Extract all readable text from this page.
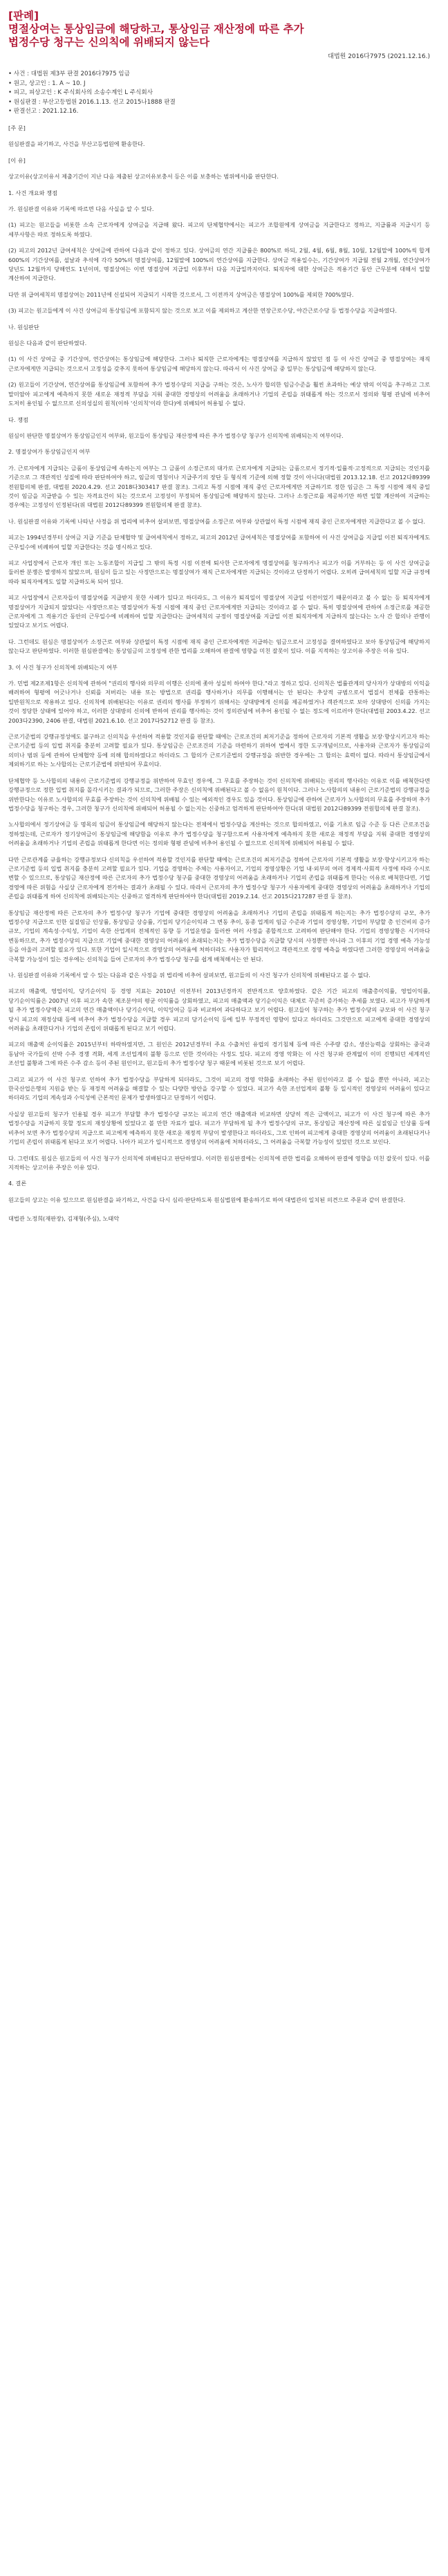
[판례]
명절상여는 통상임금에 해당하고, 통상임금 재산정에 따른 추가
법정수당 청구는 신의칙에 위배되지 않는다
대법원 2016다7975 (2021.12.16.)
• 사건 : 대법원 제3부 판결 2016다7975 임금
• 원고, 상고인 : 1. A ~ 10. J
• 피고, 피상고인 : K 주식회사의 소송수계인 L 주식회사
• 원심판결 : 부산고등법원 2016.1.13. 선고 2015나1888 판결
• 판결선고 : 2021.12.16.

[주 문]

원심판결을 파기하고, 사건을 부산고등법원에 환송한다.

[이 유]

상고이유(상고이유서 제출기간이 지난 다음 제출된 상고이유보충서 등은 이를 보충하는 범위에서)를 판단한다.

1. 사건 개요와 쟁점

가. 원심판결 이유와 기록에 따르면 다음 사실을 알 수 있다.

(1) 피고는 원고들을 비롯한 소속 근로자에게 상여금을 지급해 왔다. 피고의 단체협약에서는 피고가 조합원에게 상여금을 지급한다고 정하고, 지급률과 지급시기 등 세부사항은 따로 정하도록 하였다.

(2) 피고의 2012년 급여세칙은 상여금에 관하여 다음과 같이 정하고 있다. 상여금의 연간 지급률은 800%로 하되, 2월, 4월, 6월, 8월, 10월, 12월말에 100%씩 합계 600%의 기간상여를, 설날과 추석에 각각 50%의 명절상여를, 12월말에 100%의 연간상여를 지급한다. 상여금 적용일수는, 기간상여가 지급월 전월 2개월, 연간상여가 당년도 12월까지 당해연도 1년이며, 명절상여는 이번 명절상여 지급일 이후부터 다음 지급일까지이다. 퇴직자에 대한 상여금은 적용기간 동안 근무분에 대해서 일할 계산하여 지급한다.

다만 위 급여세칙의 명절상여는 2011년에 신설되어 지급되기 시작한 것으로서, 그 이전까지 상여금은 명절상여 100%를 제외한 700%였다.

(3) 피고는 원고들에게 이 사건 상여금의 통상임금에 포함되지 않는 것으로 보고 이를 제외하고 계산한 연장근로수당, 야간근로수당 등 법정수당을 지급하였다.

나. 원심판단

원심은 다음과 같이 판단하였다.

(1) 이 사건 상여금 중 기간상여, 연간상여는 통상임금에 해당한다. 그러나 퇴직한 근로자에게는 명절상여를 지급하지 않았던 점 등 이 사건 상여금 중 명절상여는 재직 근로자에게만 지급되는 것으로서 고정성을 갖추지 못하여 통상임금에 해당하지 않는다. 따라서 이 사건 상여금 중 일부는 통상임금에 해당하지 않는다.

(2) 원고들이 기간상여, 연간상여를 통상임금에 포함하여 추가 법정수당의 지급을 구하는 것은, 노사가 합의한 임금수준을 훨씬 초과하는 예상 밖의 이익을 추구하고 그로 말미암아 피고에게 예측하지 못한 새로운 재정적 부담을 지워 중대한 경영상의 어려움을 초래하거나 기업의 존립을 위태롭게 하는 것으로서 정의와 형평 관념에 비추어 도저히 용인될 수 없으므로 신의성실의 원칙(이하 '신의칙'이라 한다)에 위배되어 허용될 수 없다.

다. 쟁점

원심이 판단한 명절상여가 통상임금인지 여부와, 원고들이 통상임금 재산정에 따른 추가 법정수당 청구가 신의칙에 위배되는지 여부이다.

2. 명절상여가 통상임금인지 여부

가. 근로자에게 지급되는 금품이 통상임금에 속하는지 여부는 그 금품이 소정근로의 대가로 근로자에게 지급되는 금품으로서 정기적·일률적·고정적으로 지급되는 것인지를 기준으로 그 객관적인 성질에 따라 판단하여야 하고, 임금의 명칭이나 지급주기의 장단 등 형식적 기준에 의해 정할 것이 아니다(대법원 2013.12.18. 선고 2012다89399 전원합의체 판결, 대법원 2020.4.29. 선고 2018다303417 판결 참조). 그리고 특정 시점에 재직 중인 근로자에게만 지급하기로 정한 임금은 그 특정 시점에 재직 중일 것이 임금을 지급받을 수 있는 자격요건이 되는 것으로서 고정성이 부정되어 통상임금에 해당하지 않는다. 그러나 소정근로를 제공하기만 하면 일할 계산하여 지급하는 경우에는 고정성이 인정된다(위 대법원 2012다89399 전원합의체 판결 참조).

나. 원심판결 이유와 기록에 나타난 사정을 위 법리에 비추어 살펴보면, 명절상여를 소정근로 여부와 상관없이 특정 시점에 재직 중인 근로자에게만 지급한다고 볼 수 없다.

피고는 1994년경부터 상여금 지급 기준을 단체협약 및 급여세칙에서 정하고, 피고의 2012년 급여세칙은 명절상여를 포함하여 이 사건 상여금을 지급일 이전 퇴직자에게도 근무일수에 비례하여 일할 지급한다는 것을 명시하고 있다.

피고 사업장에서 근로자 개인 또는 노동조합이 지급일 그 밖의 특정 시점 이전에 퇴사한 근로자에게 명절상여를 청구하거나 피고가 이를 거부하는 등 이 사건 상여금을 둘러싼 분쟁은 발생하지 않았으며, 원심이 들고 있는 사정만으로는 명절상여가 재직 근로자에게만 지급되는 것이라고 단정하기 어렵다. 오히려 급여세칙의 일할 지급 규정에 따라 퇴직자에게도 일할 지급하도록 되어 있다.

피고 사업장에서 근로자들이 명절상여를 지급받지 못한 사례가 있다고 하더라도, 그 이유가 퇴직일이 명절상여 지급일 이전이었기 때문이라고 볼 수 없는 등 퇴직자에게 명절상여가 지급되지 않았다는 사정만으로는 명절상여가 특정 시점에 재직 중인 근로자에게만 지급되는 것이라고 볼 수 없다. 특히 명절상여에 관하여 소정근로를 제공한 근로자에게 그 적용기간 동안의 근무일수에 비례하여 일할 지급한다는 급여세칙의 규정이 명절상여를 지급일 이전 퇴직자에게 지급하지 않는다는 노사 간 합의나 관행이 있었다고 보기도 어렵다.

다. 그런데도 원심은 명절상여가 소정근로 여부와 상관없이 특정 시점에 재직 중인 근로자에게만 지급하는 임금으로서 고정성을 결여하였다고 보아 통상임금에 해당하지 않는다고 판단하였다. 이러한 원심판결에는 통상임금의 고정성에 관한 법리를 오해하여 판결에 영향을 미친 잘못이 있다. 이를 지적하는 상고이유 주장은 이유 있다.

3. 이 사건 청구가 신의칙에 위배되는지 여부

가. 민법 제2조제1항은 신의칙에 관하여 "권리의 행사와 의무의 이행은 신의에 좇아 성실히 하여야 한다."라고 정하고 있다. 신의칙은 법률관계의 당사자가 상대방의 이익을 배려하여 형평에 어긋나거나 신뢰를 저버리는 내용 또는 방법으로 권리를 행사하거나 의무를 이행해서는 안 된다는 추상적 규범으로서 법질서 전체를 관통하는 일반원칙으로 작용하고 있다. 신의칙에 위배된다는 이유로 권리의 행사를 부정하기 위해서는 상대방에게 신의를 제공하였거나 객관적으로 보아 상대방이 신의를 가지는 것이 정당한 상태에 있어야 하고, 이러한 상대방의 신의에 반하여 권리를 행사하는 것이 정의관념에 비추어 용인될 수 없는 정도에 이르러야 한다(대법원 2003.4.22. 선고 2003다2390, 2406 판결, 대법원 2021.6.10. 선고 2017다52712 판결 등 참조).

근로기준법의 강행규정성에도 불구하고 신의칙을 우선하여 적용할 것인지를 판단할 때에는 근로조건의 최저기준을 정하여 근로자의 기본적 생활을 보장·향상시키고자 하는 근로기준법 등의 입법 취지를 충분히 고려할 필요가 있다. 통상임금은 근로조건의 기준을 마련하기 위하여 법에서 정한 도구개념이므로, 사용자와 근로자가 통상임금의 의미나 범위 등에 관하여 단체협약 등에 의해 합의하였다고 하더라도 그 합의가 근로기준법의 강행규정을 위반한 경우에는 그 합의는 효력이 없다. 따라서 통상임금에서 제외하기로 하는 노사합의는 근로기준법에 위반되어 무효이다.

단체협약 등 노사합의의 내용이 근로기준법의 강행규정을 위반하여 무효인 경우에, 그 무효를 주장하는 것이 신의칙에 위배되는 권리의 행사라는 이유로 이를 배척한다면 강행규정으로 정한 입법 취지를 몰각시키는 결과가 되므로, 그러한 주장은 신의칙에 위배된다고 볼 수 없음이 원칙이다. 그러나 노사합의의 내용이 근로기준법의 강행규정을 위반한다는 이유로 노사합의의 무효를 주장하는 것이 신의칙에 위배될 수 있는 예외적인 경우도 있을 것이다. 통상임금에 관하여 근로자가 노사합의의 무효를 주장하며 추가 법정수당을 청구하는 경우, 그러한 청구가 신의칙에 위배되어 허용될 수 없는지는 신중하고 엄격하게 판단하여야 한다(위 대법원 2012다89399 전원합의체 판결 참조).

노사합의에서 정기상여금 등 명목의 임금이 통상임금에 해당하지 않는다는 전제에서 법정수당을 계산하는 것으로 합의하였고, 이를 기초로 임금 수준 등 다른 근로조건을 정하였는데, 근로자가 정기상여금이 통상임금에 해당함을 이유로 추가 법정수당을 청구함으로써 사용자에게 예측하지 못한 새로운 재정적 부담을 지워 중대한 경영상의 어려움을 초래하거나 기업의 존립을 위태롭게 한다면 이는 정의와 형평 관념에 비추어 용인될 수 없으므로 신의칙에 위배되어 허용될 수 없다.

다만 근로관계를 규율하는 강행규정보다 신의칙을 우선하여 적용할 것인지를 판단할 때에는 근로조건의 최저기준을 정하여 근로자의 기본적 생활을 보장·향상시키고자 하는 근로기준법 등의 입법 취지를 충분히 고려할 필요가 있다. 기업을 경영하는 주체는 사용자이고, 기업의 경영상황은 기업 내·외부의 여러 경제적·사회적 사정에 따라 수시로 변할 수 있으므로, 통상임금 재산정에 따른 근로자의 추가 법정수당 청구를 중대한 경영상의 어려움을 초래하거나 기업의 존립을 위태롭게 한다는 이유로 배척한다면, 기업 경영에 따른 위험을 사실상 근로자에게 전가하는 결과가 초래될 수 있다. 따라서 근로자의 추가 법정수당 청구가 사용자에게 중대한 경영상의 어려움을 초래하거나 기업의 존립을 위태롭게 하여 신의칙에 위배되는지는 신중하고 엄격하게 판단하여야 한다(대법원 2019.2.14. 선고 2015다217287 판결 등 참조).

통상임금 재산정에 따른 근로자의 추가 법정수당 청구가 기업에 중대한 경영상의 어려움을 초래하거나 기업의 존립을 위태롭게 하는지는 추가 법정수당의 규모, 추가 법정수당 지급으로 인한 실질임금 인상률, 통상임금 상승률, 기업의 당기순이익과 그 변동 추이, 동종 업계의 임금 수준과 기업의 경영상황, 기업이 부담할 총 인건비의 증가 규모, 기업의 계속성·수익성, 기업이 속한 산업계의 전체적인 동향 등 기업운영을 둘러싼 여러 사정을 종합적으로 고려하여 판단해야 한다. 기업의 경영상황은 시기마다 변동하므로, 추가 법정수당의 지급으로 기업에 중대한 경영상의 어려움이 초래되는지는 추가 법정수당을 지급할 당시의 사정뿐만 아니라 그 이후의 기업 경영 예측 가능성 등을 아울러 고려할 필요가 있다. 또한 기업이 일시적으로 경영상의 어려움에 처하더라도 사용자가 합리적이고 객관적으로 경영 예측을 하였다면 그러한 경영상의 어려움을 극복할 가능성이 있는 경우에는 신의칙을 들어 근로자의 추가 법정수당 청구를 쉽게 배척해서는 안 된다.

나. 원심판결 이유와 기록에서 알 수 있는 다음과 같은 사정을 위 법리에 비추어 살펴보면, 원고들의 이 사건 청구가 신의칙에 위배된다고 볼 수 없다.

피고의 매출액, 영업이익, 당기순이익 등 경영 지표는 2010년 이전부터 2013년경까지 전반적으로 양호하였다. 같은 기간 피고의 매출총이익률, 영업이익률, 당기순이익률은 2007년 이후 피고가 속한 제조분야의 평균 이익률을 상회하였고, 피고의 매출액과 당기순이익은 대체로 꾸준히 증가하는 추세를 보였다. 피고가 부담하게 될 추가 법정수당액은 피고의 연간 매출액이나 당기순이익, 이익잉여금 등과 비교하여 과다하다고 보기 어렵다. 원고들이 청구하는 추가 법정수당의 규모와 이 사건 청구 당시 피고의 재정상태 등에 비추어 추가 법정수당을 지급할 경우 피고의 당기순이익 등에 일부 부정적인 영향이 있다고 하더라도 그것만으로 피고에게 중대한 경영상의 어려움을 초래한다거나 기업의 존립이 위태롭게 된다고 보기 어렵다.

피고의 매출액 순이익률은 2015년부터 하락하였지만, 그 원인은 2012년경부터 주요 수출처인 유럽의 경기침체 등에 따른 수주량 감소, 생산능력을 상회하는 중국과 동남아 국가들의 선박 수주 경쟁 격화, 세계 조선업계의 불황 등으로 인한 것이라는 사정도 있다. 피고의 경영 악화는 이 사건 청구와 관계없이 이미 진행되던 세계적인 조선업 불황과 그에 따른 수주 감소 등이 주된 원인이고, 원고들의 추가 법정수당 청구 때문에 비롯된 것으로 보기 어렵다.

그리고 피고가 이 사건 청구로 인하여 추가 법정수당을 부담하게 되더라도, 그것이 피고의 경영 악화를 초래하는 주된 원인이라고 볼 수 없을 뿐만 아니라, 피고는 한국산업은행의 지원을 받는 등 재정적 어려움을 해결할 수 있는 다양한 방안을 강구할 수 있었다. 피고가 속한 조선업계의 불황 등 일시적인 경영상의 어려움이 있다고 하더라도 기업의 계속성과 수익성에 근본적인 문제가 발생하였다고 단정하기 어렵다.

사실상 원고들의 청구가 인용될 경우 피고가 부담할 추가 법정수당 규모는 피고의 연간 매출액과 비교하면 상당히 적은 금액이고, 피고가 이 사건 청구에 따른 추가 법정수당을 지급하지 못할 정도의 재정상황에 있었다고 볼 만한 자료가 없다. 피고가 부담하게 될 추가 법정수당의 규모, 통상임금 재산정에 따른 실질임금 인상률 등에 비추어 보면 추가 법정수당의 지급으로 피고에게 예측하지 못한 새로운 재정적 부담이 발생한다고 하더라도, 그로 인하여 피고에게 중대한 경영상의 어려움이 초래된다거나 기업의 존립이 위태롭게 된다고 보기 어렵다. 나아가 피고가 일시적으로 경영상의 어려움에 처하더라도, 그 어려움을 극복할 가능성이 있었던 것으로 보인다.

다. 그런데도 원심은 원고들의 이 사건 청구가 신의칙에 위배된다고 판단하였다. 이러한 원심판결에는 신의칙에 관한 법리를 오해하여 판결에 영향을 미친 잘못이 있다. 이를 지적하는 상고이유 주장은 이유 있다.

4. 결론

원고들의 상고는 이유 있으므로 원심판결을 파기하고, 사건을 다시 심리·판단하도록 원심법원에 환송하기로 하여 대법관의 일치된 의견으로 주문과 같이 판결한다.

대법관 노정희(재판장), 김재형(주심), 노태악
